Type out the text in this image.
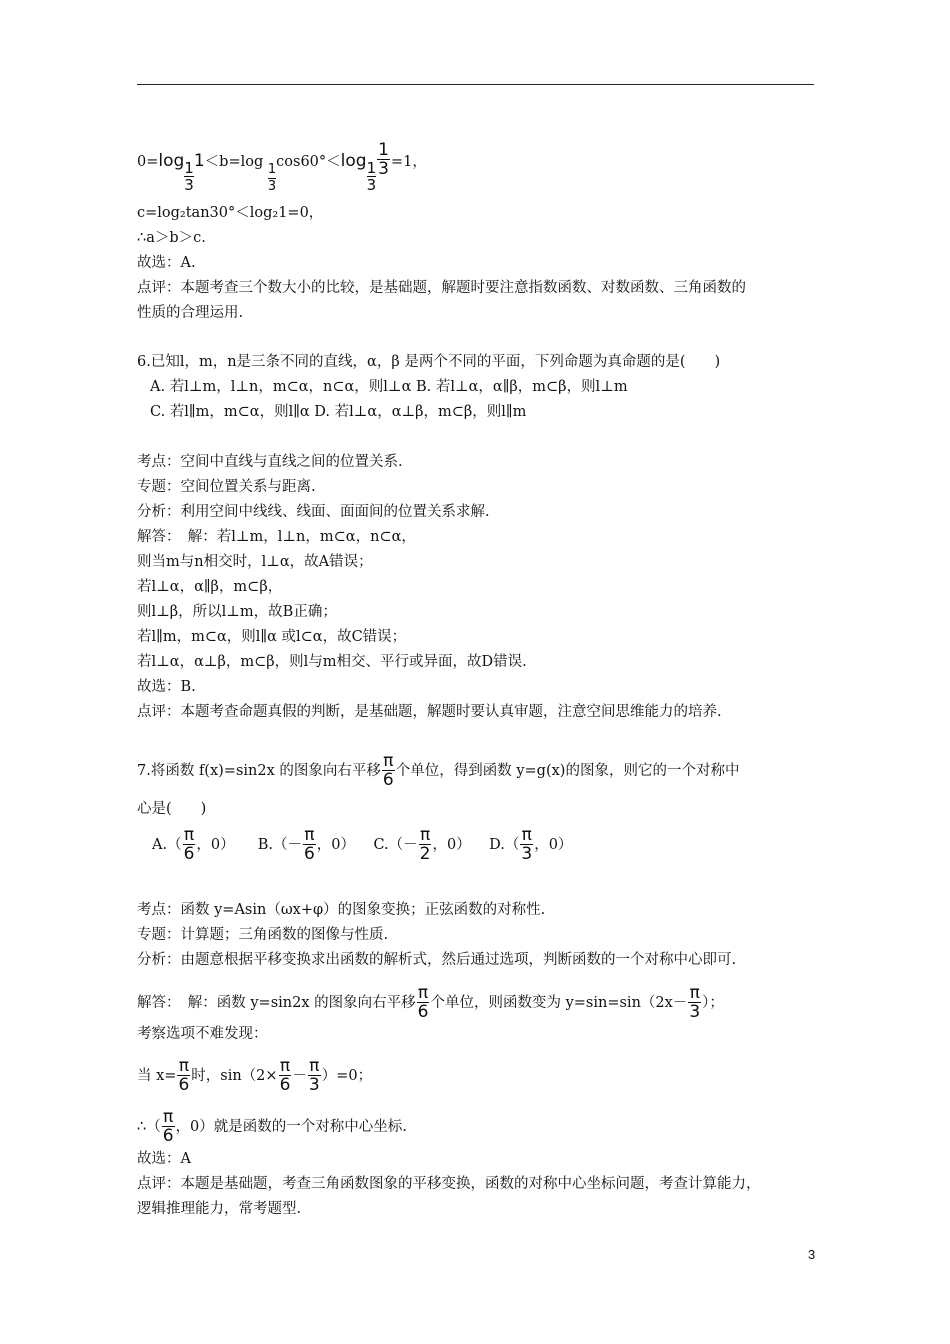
$0=\log \frac{1}{3}1<b=\log \frac{1}{3}\cos 60^\circ<\log \frac{1}{3} \frac{1}{3} =1$，
c=log₂tan30°＜log₂1=0，
∴a＞b＞c.
故选：A.
点评：本题考查三个数大小的比较，是基础题，解题时要注意指数函数、对数函数、三角函数的
性质的合理运用.
6.已知l，m，n是三条不同的直线，α，β 是两个不同的平面，下列命题为真命题的是(　　)
A. 若l⊥m，l⊥n，m⊂α，n⊂α，则l⊥α B. 若l⊥α，α∥β，m⊂β，则l⊥m
C. 若l∥m，m⊂α，则l∥α D. 若l⊥α，α⊥β，m⊂β，则l∥m
考点：空间中直线与直线之间的位置关系.
专题：空间位置关系与距离.
分析：利用空间中线线、线面、面面间的位置关系求解.
解答：　解：若l⊥m，l⊥n，m⊂α，n⊂α，
则当m与n相交时，l⊥α，故A错误；
若l⊥α，α∥β，m⊂β，
则l⊥β，所以l⊥m，故B正确；
若l∥m，m⊂α，则l∥α 或l⊂α，故C错误；
若l⊥α，α⊥β，m⊂β，则l与m相交、平行或异面，故D错误.
故选：B.
点评：本题考查命题真假的判断，是基础题，解题时要认真审题，注意空间思维能力的培养.
7.将函数 f(x)=sin2x 的图象向右平移 $\frac{\pi}{6}$ 个单位，得到函数 y=g(x)的图象，则它的一个对称中
心是(　　)
$A.( \frac{\pi}{6}$ ，0） $B.(- \frac{\pi}{6}$ ，0） $C.(- \frac{\pi}{2}$ ，0） $D.( \frac{\pi}{3}$ ，0）
考点：函数 y=Asin（ωx+φ）的图象变换；正弦函数的对称性.
专题：计算题；三角函数的图像与性质.
分析：由题意根据平移变换求出函数的解析式，然后通过选项，判断函数的一个对称中心即可.
解答：　解：函数 y=sin2x 的图象向右平移 $\frac{\pi}{6}$ 个单位，则函数变为 $y=\sin=\sin(2x- \frac{\pi}{3}$ ）；
考察选项不难发现：
当 $x= \frac{\pi}{6}$ 时，$\sin(2\times \frac{\pi}{6} - \frac{\pi}{3} )=0$；
∴（ $\frac{\pi}{6}$ ，0）就是函数的一个对称中心坐标.
故选：A
点评：本题是基础题，考查三角函数图象的平移变换，函数的对称中心坐标问题，考查计算能力，
逻辑推理能力，常考题型.
3
